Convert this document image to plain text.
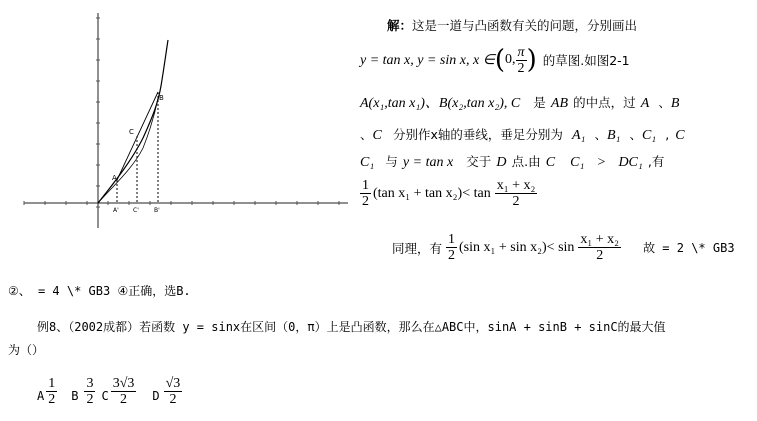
A
B
C
A' C'	B'
解：这是一道与凸函数有关的问题，分别画出
y = tan x, y = sin x, x ∈ ( 0, $\frac{\pi}{2}$ ) 的草图.如图2-1
A(x₁,tan x₁)、B(x₂,tan x₂), C 是 AB 的中点，过 A  、B
、C 分别作x轴的垂线，垂足分别为 A₁  、B₁  、C₁  , C
C₁ 与 y = tan x 交于 D 点.由 C C₁ > DC₁ ,有
$\frac{1}{2} (\tan$ $x_1 + \tan x_2)< \tan \frac{\text{x₁ + x₂}}{2}$
同理，有 $\frac{1}{2} (\sin$ $x_1 + \sin x_2)< \sin \frac{\text{x₁ + x₂}}{2}$ 故 = 2 \* GB3
②、 = 4 \* GB3 ④正确，选B.
例8、（2002成都）若函数 y = sinx在区间（0，π）上是凸函数，那么在△ABC中，sinA + sinB + sinC的最大值
为（）
A $\frac{1}{2}$ B $\frac{3}{2}$ C $\frac{3√3}{2}$ D $\frac{√3}{2}$
